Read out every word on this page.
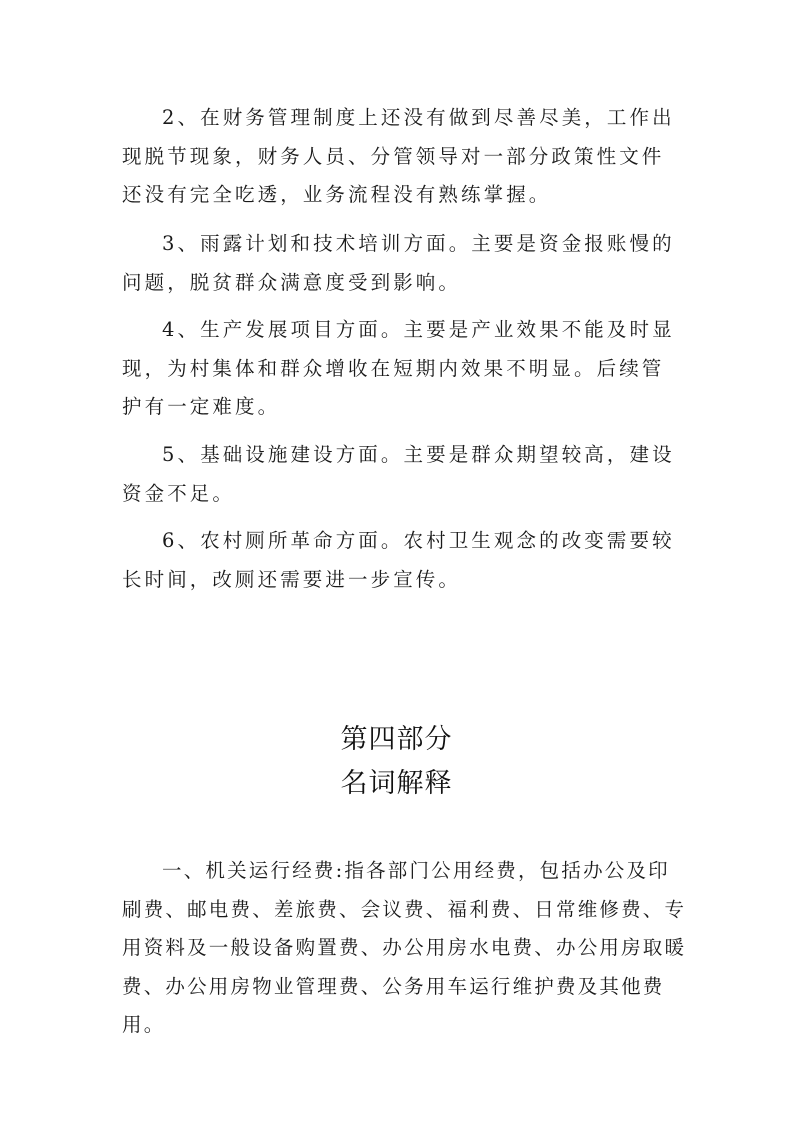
2、在财务管理制度上还没有做到尽善尽美，工作出现脱节现象，财务人员、分管领导对一部分政策性文件还没有完全吃透，业务流程没有熟练掌握。

3、雨露计划和技术培训方面。主要是资金报账慢的问题，脱贫群众满意度受到影响。

4、生产发展项目方面。主要是产业效果不能及时显现，为村集体和群众增收在短期内效果不明显。后续管护有一定难度。

5、基础设施建设方面。主要是群众期望较高，建设资金不足。

6、农村厕所革命方面。农村卫生观念的改变需要较长时间，改厕还需要进一步宣传。

第四部分
名词解释

一、机关运行经费:指各部门公用经费，包括办公及印刷费、邮电费、差旅费、会议费、福利费、日常维修费、专用资料及一般设备购置费、办公用房水电费、办公用房取暖费、办公用房物业管理费、公务用车运行维护费及其他费用。
